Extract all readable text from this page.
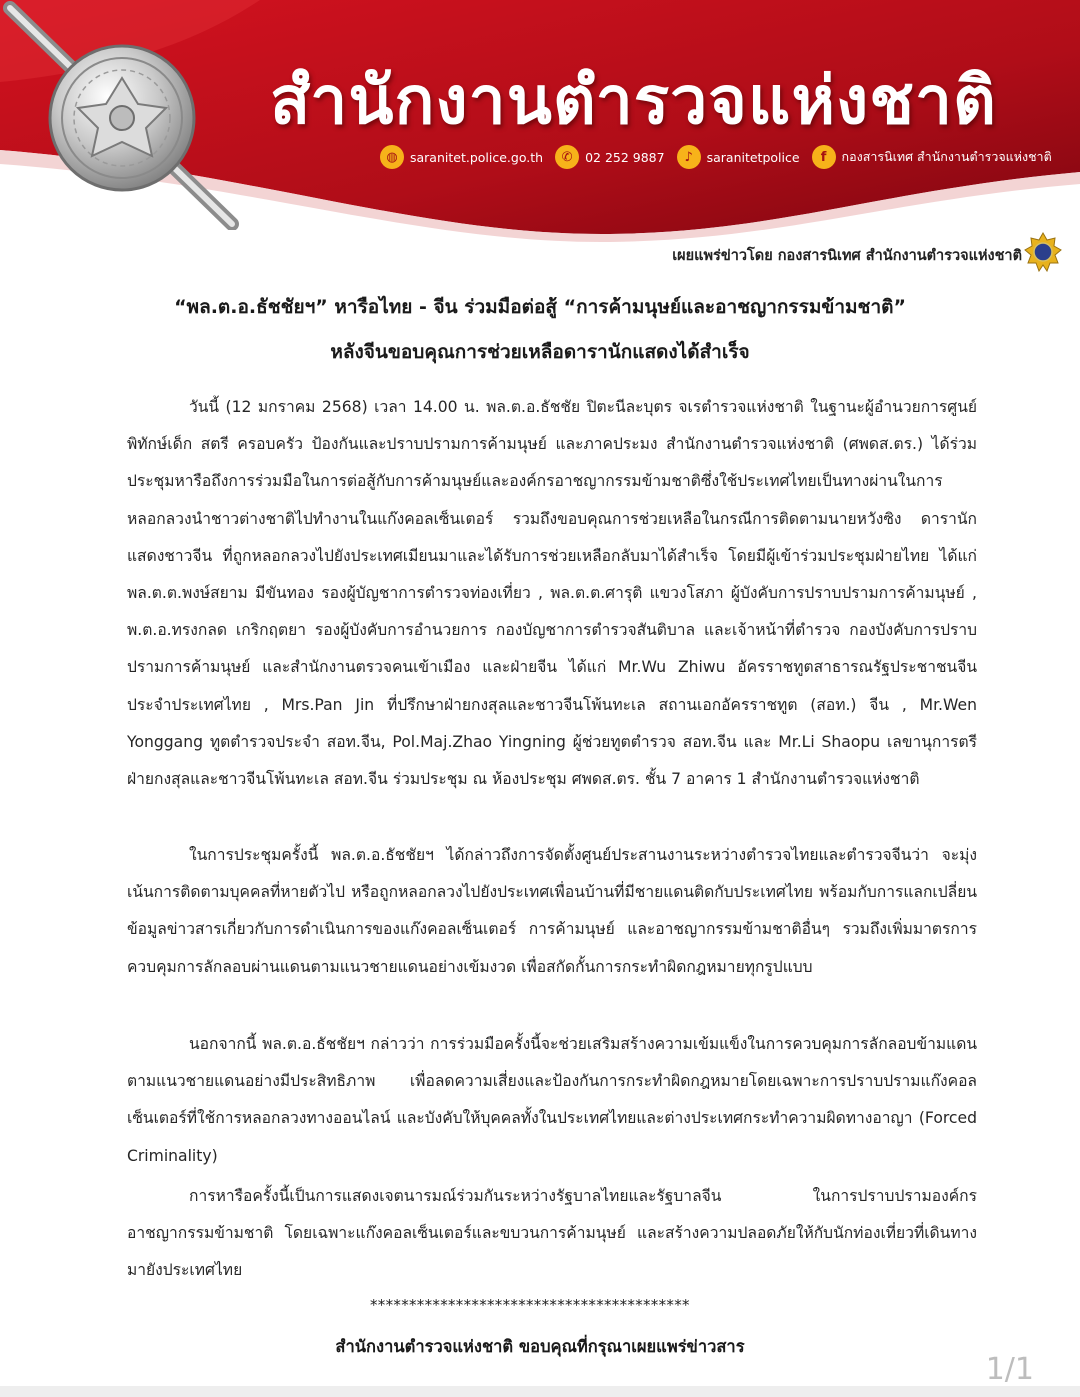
สำนักงานตำรวจแห่งชาติ
◍ saranitet.police.go.th	✆	02 252 9887	♪	saranitetpolice	f	กองสารนิเทศ สำนักงานตำรวจแห่งชาติ
เผยแพร่ข่าวโดย กองสารนิเทศ สำนักงานตำรวจแห่งชาติ
“พล.ต.อ.ธัชชัยฯ” หารือไทย - จีน ร่วมมือต่อสู้ “การค้ามนุษย์และอาชญากรรมข้ามชาติ”
หลังจีนขอบคุณการช่วยเหลือดารานักแสดงได้สำเร็จ
วันนี้ (12 มกราคม 2568) เวลา 14.00 น. พล.ต.อ.ธัชชัย ปิตะนีละบุตร จเรตำรวจแห่งชาติ ในฐานะผู้อำนวยการศูนย์พิทักษ์เด็ก สตรี ครอบครัว ป้องกันและปราบปรามการค้ามนุษย์ และภาคประมง สำนักงานตำรวจแห่งชาติ (ศพดส.ตร.) ได้ร่วมประชุมหารือถึงการร่วมมือในการต่อสู้กับการค้ามนุษย์และองค์กรอาชญากรรมข้ามชาติซึ่งใช้ประเทศไทยเป็นทางผ่านในการหลอกลวงนำชาวต่างชาติไปทำงานในแก๊งคอลเซ็นเตอร์ รวมถึงขอบคุณการช่วยเหลือในกรณีการติดตามนายหวังซิง ดารานักแสดงชาวจีน ที่ถูกหลอกลวงไปยังประเทศเมียนมาและได้รับการช่วยเหลือกลับมาได้สำเร็จ โดยมีผู้เข้าร่วมประชุมฝ่ายไทย ได้แก่ พล.ต.ต.พงษ์สยาม มีขันทอง รองผู้บัญชาการตำรวจท่องเที่ยว , พล.ต.ต.ศารุติ แขวงโสภา ผู้บังคับการปราบปรามการค้ามนุษย์ , พ.ต.อ.ทรงกลด เกริกฤตยา รองผู้บังคับการอำนวยการ กองบัญชาการตำรวจสันติบาล และเจ้าหน้าที่ตำรวจ กองบังคับการปราบปรามการค้ามนุษย์ และสำนักงานตรวจคนเข้าเมือง และฝ่ายจีน ได้แก่ Mr.Wu Zhiwu อัครราชทูตสาธารณรัฐประชาชนจีนประจำประเทศไทย , Mrs.Pan Jin ที่ปรึกษาฝ่ายกงสุลและชาวจีนโพ้นทะเล สถานเอกอัครราชทูต (สอท.) จีน , Mr.Wen Yonggang ทูตตำรวจประจำ สอท.จีน, Pol.Maj.Zhao Yingning ผู้ช่วยทูตตำรวจ สอท.จีน และ Mr.Li Shaopu เลขานุการตรีฝ่ายกงสุลและชาวจีนโพ้นทะเล สอท.จีน ร่วมประชุม ณ ห้องประชุม ศพดส.ตร. ชั้น 7 อาคาร 1 สำนักงานตำรวจแห่งชาติ
ในการประชุมครั้งนี้ พล.ต.อ.ธัชชัยฯ ได้กล่าวถึงการจัดตั้งศูนย์ประสานงานระหว่างตำรวจไทยและตำรวจจีนว่า จะมุ่งเน้นการติดตามบุคคลที่หายตัวไป หรือถูกหลอกลวงไปยังประเทศเพื่อนบ้านที่มีชายแดนติดกับประเทศไทย พร้อมกับการแลกเปลี่ยนข้อมูลข่าวสารเกี่ยวกับการดำเนินการของแก๊งคอลเซ็นเตอร์ การค้ามนุษย์ และอาชญากรรมข้ามชาติอื่นๆ รวมถึงเพิ่มมาตรการควบคุมการลักลอบผ่านแดนตามแนวชายแดนอย่างเข้มงวด เพื่อสกัดกั้นการกระทำผิดกฎหมายทุกรูปแบบ
นอกจากนี้ พล.ต.อ.ธัชชัยฯ กล่าวว่า การร่วมมือครั้งนี้จะช่วยเสริมสร้างความเข้มแข็งในการควบคุมการลักลอบข้ามแดนตามแนวชายแดนอย่างมีประสิทธิภาพ เพื่อลดความเสี่ยงและป้องกันการกระทำผิดกฎหมายโดยเฉพาะการปราบปรามแก๊งคอลเซ็นเตอร์ที่ใช้การหลอกลวงทางออนไลน์ และบังคับให้บุคคลทั้งในประเทศไทยและต่างประเทศกระทำความผิดทางอาญา (Forced Criminality)
การหารือครั้งนี้เป็นการแสดงเจตนารมณ์ร่วมกันระหว่างรัฐบาลไทยและรัฐบาลจีน ในการปราบปรามองค์กรอาชญากรรมข้ามชาติ โดยเฉพาะแก๊งคอลเซ็นเตอร์และขบวนการค้ามนุษย์ และสร้างความปลอดภัยให้กับนักท่องเที่ยวที่เดินทางมายังประเทศไทย
*****************************************
สำนักงานตำรวจแห่งชาติ ขอบคุณที่กรุณาเผยแพร่ข่าวสาร
1/1
